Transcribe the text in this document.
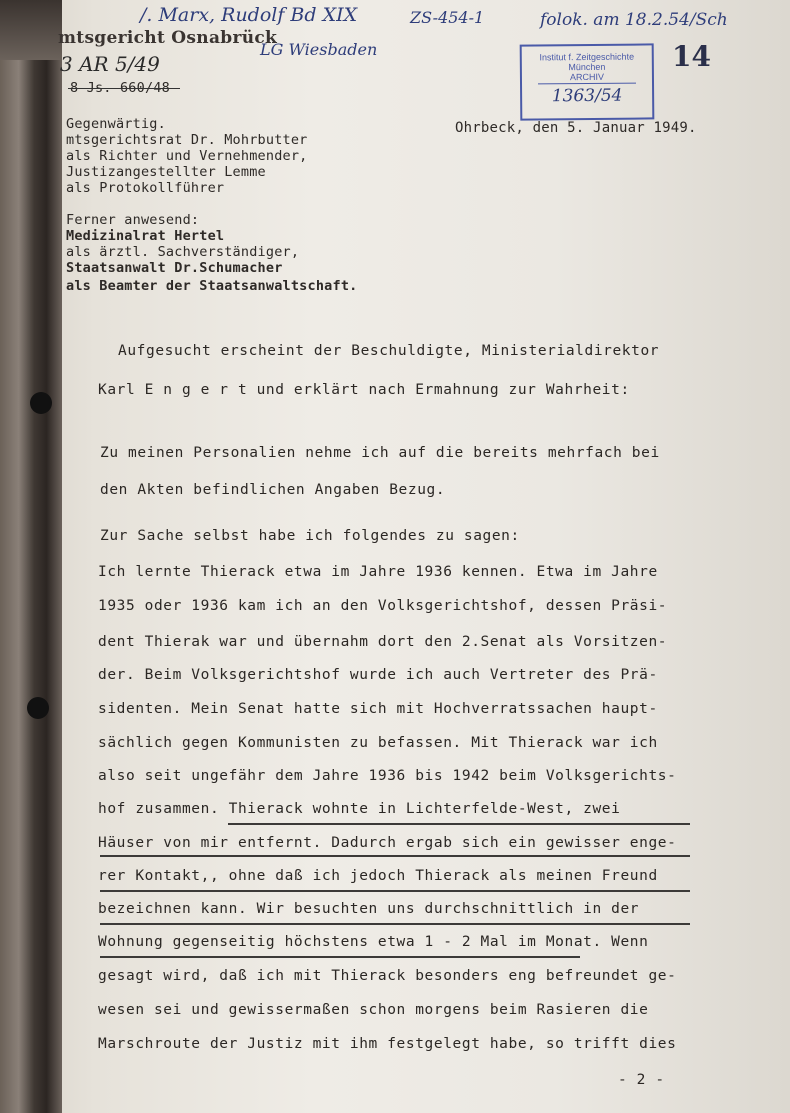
/. Marx, Rudolf Bd XIX	ZS-454-1	folok. am 18.2.54/Sch
LG Wiesbaden	14
mtsgericht Osnabrück
3 AR 5/49
8 Js. 660/48
Institut f. Zeitgeschichte
München
ARCHIV
1363/54
Gegenwärtig.
mtsgerichtsrat Dr. Mohrbutter
als Richter und Vernehmender,
Justizangestellter Lemme
als Protokollführer
Ohrbeck, den 5. Januar 1949.
Ferner anwesend:
Medizinalrat Hertel
als ärztl. Sachverständiger,
Staatsanwalt Dr.Schumacher
als Beamter der Staatsanwaltschaft.
Aufgesucht erscheint der Beschuldigte, Ministerialdirektor
Karl E n g e r t und erklärt nach Ermahnung zur Wahrheit:
Zu meinen Personalien nehme ich auf die bereits mehrfach bei
den Akten befindlichen Angaben Bezug.
Zur Sache selbst habe ich folgendes zu sagen:
Ich lernte Thierack etwa im Jahre 1936 kennen. Etwa im Jahre
1935 oder 1936 kam ich an den Volksgerichtshof, dessen Präsi-
dent Thierak war und übernahm dort den 2.Senat als Vorsitzen-
der. Beim Volksgerichtshof wurde ich auch Vertreter des Prä-
sidenten. Mein Senat hatte sich mit Hochverratssachen haupt-
sächlich gegen Kommunisten zu befassen. Mit Thierack war ich
also seit ungefähr dem Jahre 1936 bis 1942 beim Volksgerichts-
hof zusammen. Thierack wohnte in Lichterfelde-West, zwei
Häuser von mir entfernt. Dadurch ergab sich ein gewisser enge-
rer Kontakt,, ohne daß ich jedoch Thierack als meinen Freund
bezeichnen kann. Wir besuchten uns durchschnittlich in der
Wohnung gegenseitig höchstens etwa 1 - 2 Mal im Monat. Wenn
gesagt wird, daß ich mit Thierack besonders eng befreundet ge-
wesen sei und gewissermaßen schon morgens beim Rasieren die
Marschroute der Justiz mit ihm festgelegt habe, so trifft dies
- 2 -
